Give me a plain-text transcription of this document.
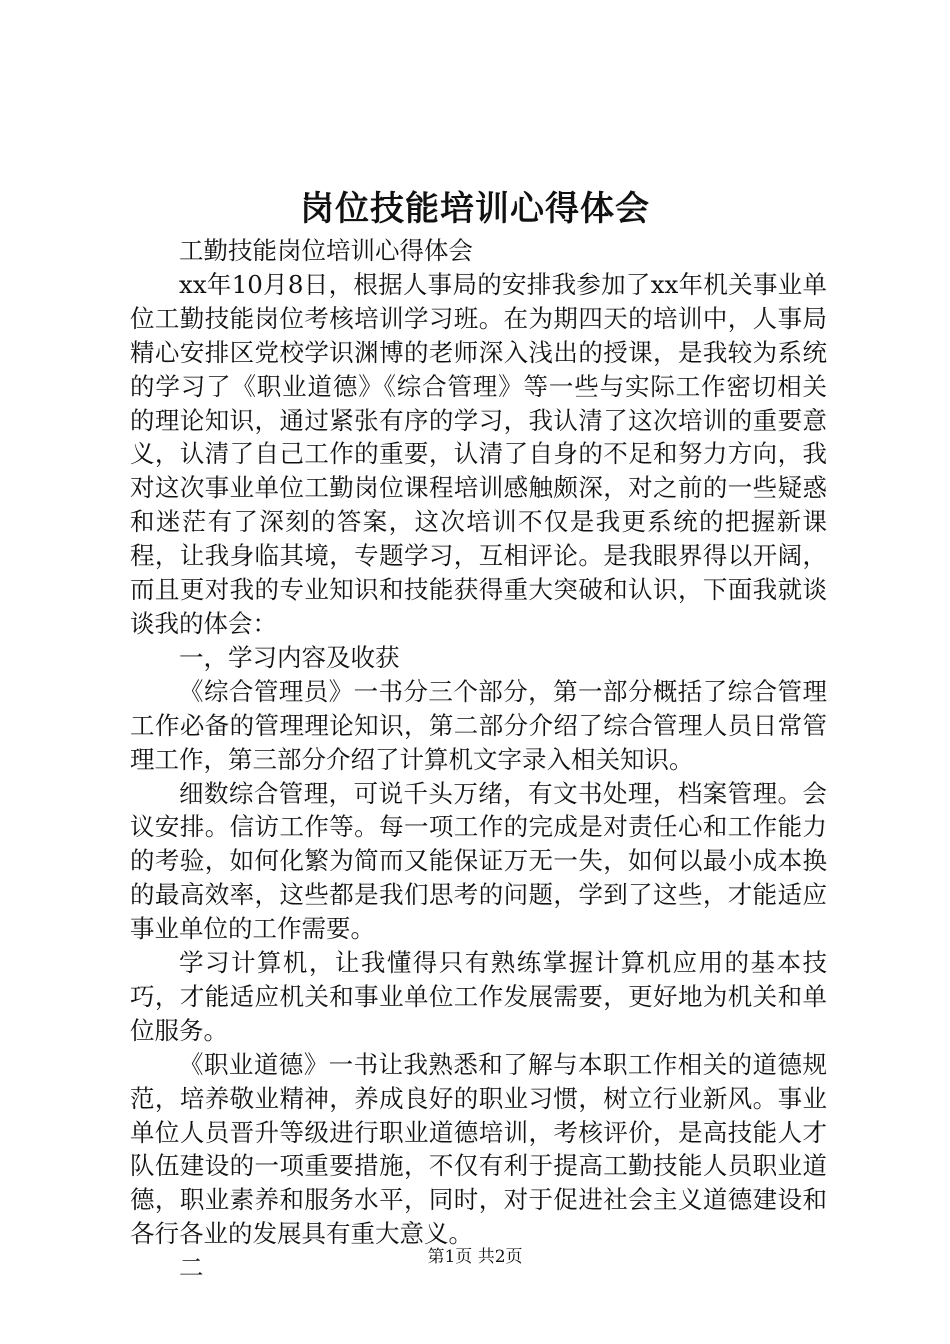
岗位技能培训心得体会

工勤技能岗位培训心得体会

xx年10月8日，根据人事局的安排我参加了xx年机关事业单位工勤技能岗位考核培训学习班。在为期四天的培训中，人事局精心安排区党校学识渊博的老师深入浅出的授课，是我较为系统的学习了《职业道德》《综合管理》等一些与实际工作密切相关的理论知识，通过紧张有序的学习，我认清了这次培训的重要意义，认清了自己工作的重要，认清了自身的不足和努力方向，我对这次事业单位工勤岗位课程培训感触颇深，对之前的一些疑惑和迷茫有了深刻的答案，这次培训不仅是我更系统的把握新课程，让我身临其境，专题学习，互相评论。是我眼界得以开阔，而且更对我的专业知识和技能获得重大突破和认识，下面我就谈谈我的体会：

一，学习内容及收获

《综合管理员》一书分三个部分，第一部分概括了综合管理工作必备的管理理论知识，第二部分介绍了综合管理人员日常管理工作，第三部分介绍了计算机文字录入相关知识。

细数综合管理，可说千头万绪，有文书处理，档案管理。会议安排。信访工作等。每一项工作的完成是对责任心和工作能力的考验，如何化繁为简而又能保证万无一失，如何以最小成本换的最高效率，这些都是我们思考的问题，学到了这些，才能适应事业单位的工作需要。

学习计算机，让我懂得只有熟练掌握计算机应用的基本技巧，才能适应机关和事业单位工作发展需要，更好地为机关和单位服务。

《职业道德》一书让我熟悉和了解与本职工作相关的道德规范，培养敬业精神，养成良好的职业习惯，树立行业新风。事业单位人员晋升等级进行职业道德培训，考核评价，是高技能人才队伍建设的一项重要措施，不仅有利于提高工勤技能人员职业道德，职业素养和服务水平，同时，对于促进社会主义道德建设和各行各业的发展具有重大意义。

二	第1页 共2页
